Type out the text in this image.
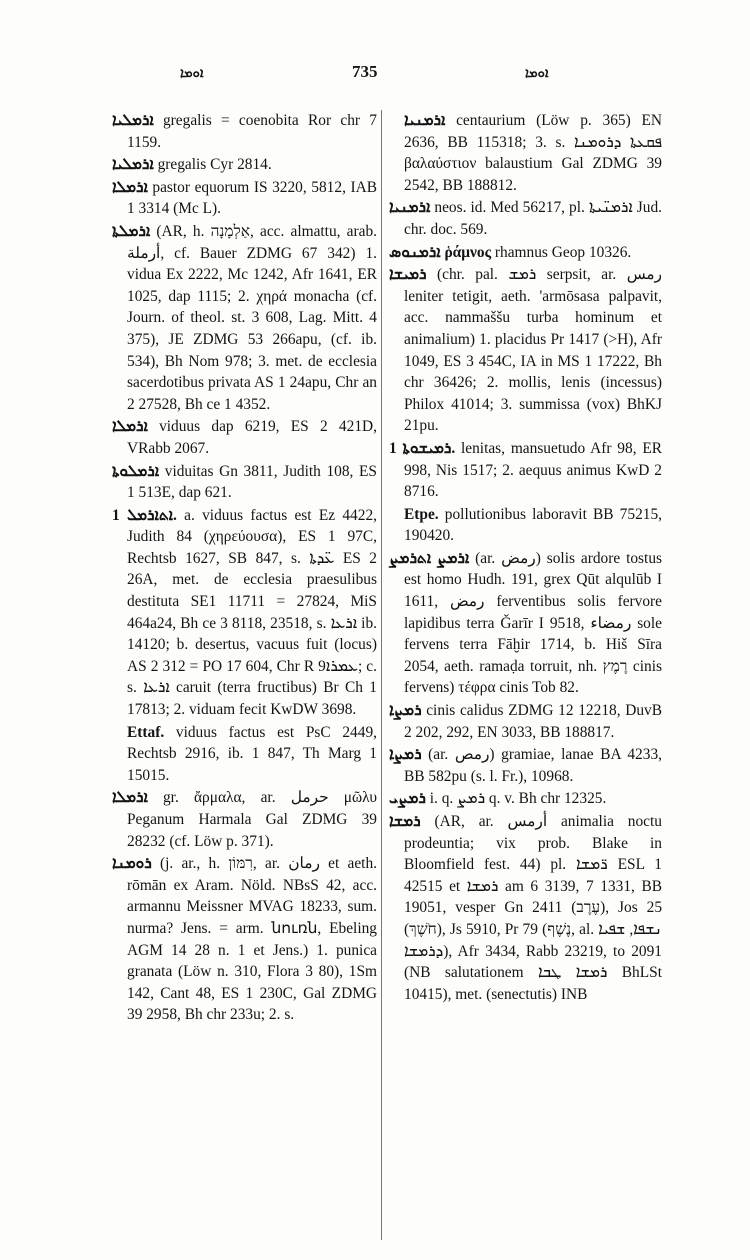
ܐܘܡܐ	735	ܐܘܡܐ

ܐܪܡܠܝܐ gregalis = coenobita Ror chr 7 1159.

ܐܪܡܠܝܐ gregalis Cyr 2814.

ܐܪܡܠܐ pastor equorum IS 3220, 5812, IAB 1 3314 (Mc L).

ܐܪܡܠܬܐ (AR, h. אַלְמָנָה, acc. almattu, arab. أرملة, cf. Bauer ZDMG 67 342) 1. vidua Ex 2222, Mc 1242, Afr 1641, ER 1025, dap 1115; 2. χηρά monacha (cf. Journ. of theol. st. 3 608, Lag. Mitt. 4 375), JE ZDMG 53 266apu, (cf. ib. 534), Bh Nom 978; 3. met. de ecclesia sacerdotibus privata AS 1 24apu, Chr an 2 27528, Bh ce 1 4352.

ܐܪܡܠܐ viduus dap 6219, ES 2 421D, VRabb 2067.

ܐܪܡܠܘܬܐ viduitas Gn 3811, Judith 108, ES 1 513E, dap 621.

ܐܬܐܪܡܠ 1. a. viduus factus est Ez 4422, Judith 84 (χηρεύουσα), ES 1 97C, Rechtsb 1627, SB 847, s. ܥ̈ܕܬܐ ES 2 26A, met. de ecclesia praesulibus destituta SE1 11711 = 27824, MiS 464a24, Bh ce 3 8118, 23518, s. ܐܪܥܐ ib. 14120; b. desertus, vacuus fuit (locus) AS 2 312 = PO 17 604, Chr R ܥܡܪܐ9; c. s. ܐܪܥܐ caruit (terra fructibus) Br Ch 1 17813; 2. viduam fecit KwDW 3698.

Ettaf. viduus factus est PsC 2449, Rechtsb 2916, ib. 1 847, Th Marg 1 15015.

ܐܪܡܠܐ gr. ἄρμαλα, ar. حرمل μῶλυ Peganum Harmala Gal ZDMG 39 28232 (cf. Löw p. 371).

ܪܘܡܢܐ (j. ar., h. רִמּוֹן, ar. رمان et aeth. rōmān ex Aram. Nöld. NBsS 42, acc. armannu Meissner MVAG 18233, sum. nurma? Jens. = arm. նուռն, Ebeling AGM 14 28 n. 1 et Jens.) 1. punica granata (Löw n. 310, Flora 3 80), 1Sm 142, Cant 48, ES 1 230C, Gal ZDMG 39 2958, Bh chr 233u; 2. s.

ܐܪܡܢܝܐ centaurium (Löw p. 365) EN 2636, BB 115318; 3. s. ܦܩܥܬܐ ܕܪܘܡܢܐ βαλαύστιον balaustium Gal ZDMG 39 2542, BB 188812.

ܐܪܡܢܝܐ neos. id. Med 56217, pl. ܐܪܡܢ̈ܝܬܐ Jud. chr. doc. 569.

ܐܪܡܢܘܣ ῥάμνος rhamnus Geop 10326.

ܪܡܝܫܐ (chr. pal. ܪܡܫ serpsit, ar. رمس leniter tetigit, aeth. 'armōsasa palpavit, acc. nammaššu turba hominum et animalium) 1. placidus Pr 1417 (>H), Afr 1049, ES 3 454C, IA in MS 1 17222, Bh chr 36426; 2. mollis, lenis (incessus) Philox 41014; 3. summissa (vox) BhKJ 21pu.

ܪܡܝܫܘܬܐ 1. lenitas, mansuetudo Afr 98, ER 998, Nis 1517; 2. aequus animus KwD 2 8716.

Etpe. pollutionibus laboravit BB 75215, 190420.

ܐܪܡܨ ܐܬܪܡܨ (ar. رمض) solis ardore tostus est homo Hudh. 191, grex Qūt alqulūb I 1611, رمض ferventibus solis fervore lapidibus terra Ǧarīr I 9518, رمضاء sole fervens terra Fāḫir 1714, b. Hiš Sīra 2054, aeth. ramaḍa torruit, nh. רֶמֶץ cinis fervens) τέφρα cinis Tob 82.

ܪܡܨܐ cinis calidus ZDMG 12 12218, DuvB 2 202, 292, EN 3033, BB 188817.

ܪܡܨܐ (ar. رمص) gramiae, lanae BA 4233, BB 582pu (s. l. Fr.), 10968.

ܪܡܨܝ i. q. ܪܡܨ q. v. Bh chr 12325.

ܪܡܫܐ (AR, ar. أرمس animalia noctu prodeuntia; vix prob. Blake in Bloomfield fest. 44) pl. ܪ̈ܡܫܐ ESL 1 42515 et ܪܡܫܐ am 6 3139, 7 1331, BB 19051, vesper Gn 2411 (עֶרֶב), Jos 25 (חֹשֶׁךְ), Js 5910, Pr 79 (נֶשֶׁף, al. ܢܫܦܐ, ܫܦܝܐ ܕܪܡܫܐ), Afr 3434, Rabb 23219, to 2091 (NB salutationem ܪܡܫܐ ܛܒܐ BhLSt 10415), met. (senectutis) INB
